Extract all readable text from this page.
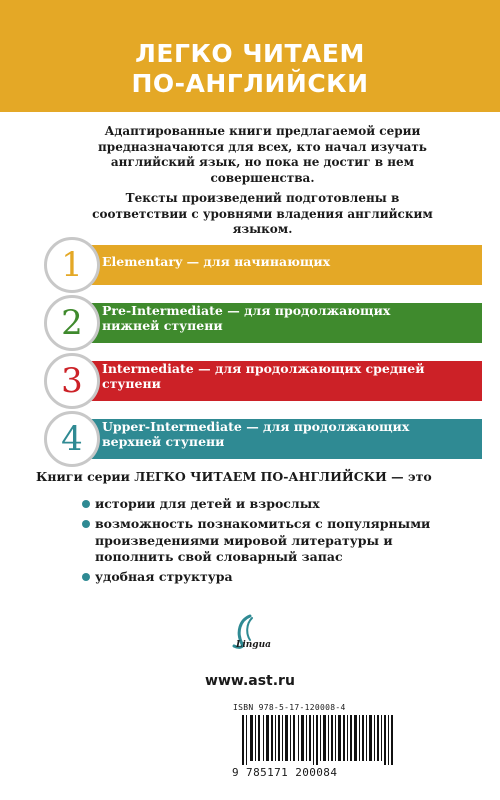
ЛЕГКО ЧИТАЕМ
ПО-АНГЛИЙСКИ

Адаптированные книги предлагаемой серии предназначаются для всех, кто начал изучать английский язык, но пока не достиг в нем совершенства.

Тексты произведений подготовлены в соответствии с уровнями владения английским языком.

1	Elementary — для начинающих
2	Pre-Intermediate — для продолжающих нижней ступени
3	Intermediate — для продолжающих средней ступени
4	Upper-Intermediate — для продолжающих верхней ступени
Книги серии ЛЕГКО ЧИТАЕМ ПО-АНГЛИЙСКИ — это
истории для детей и взрослых
возможность познакомиться с популярными произведениями мировой литературы и пополнить свой словарный запас
удобная структура
Lingua
www.ast.ru
ISBN 978-5-17-120008-4
9 785171 200084
